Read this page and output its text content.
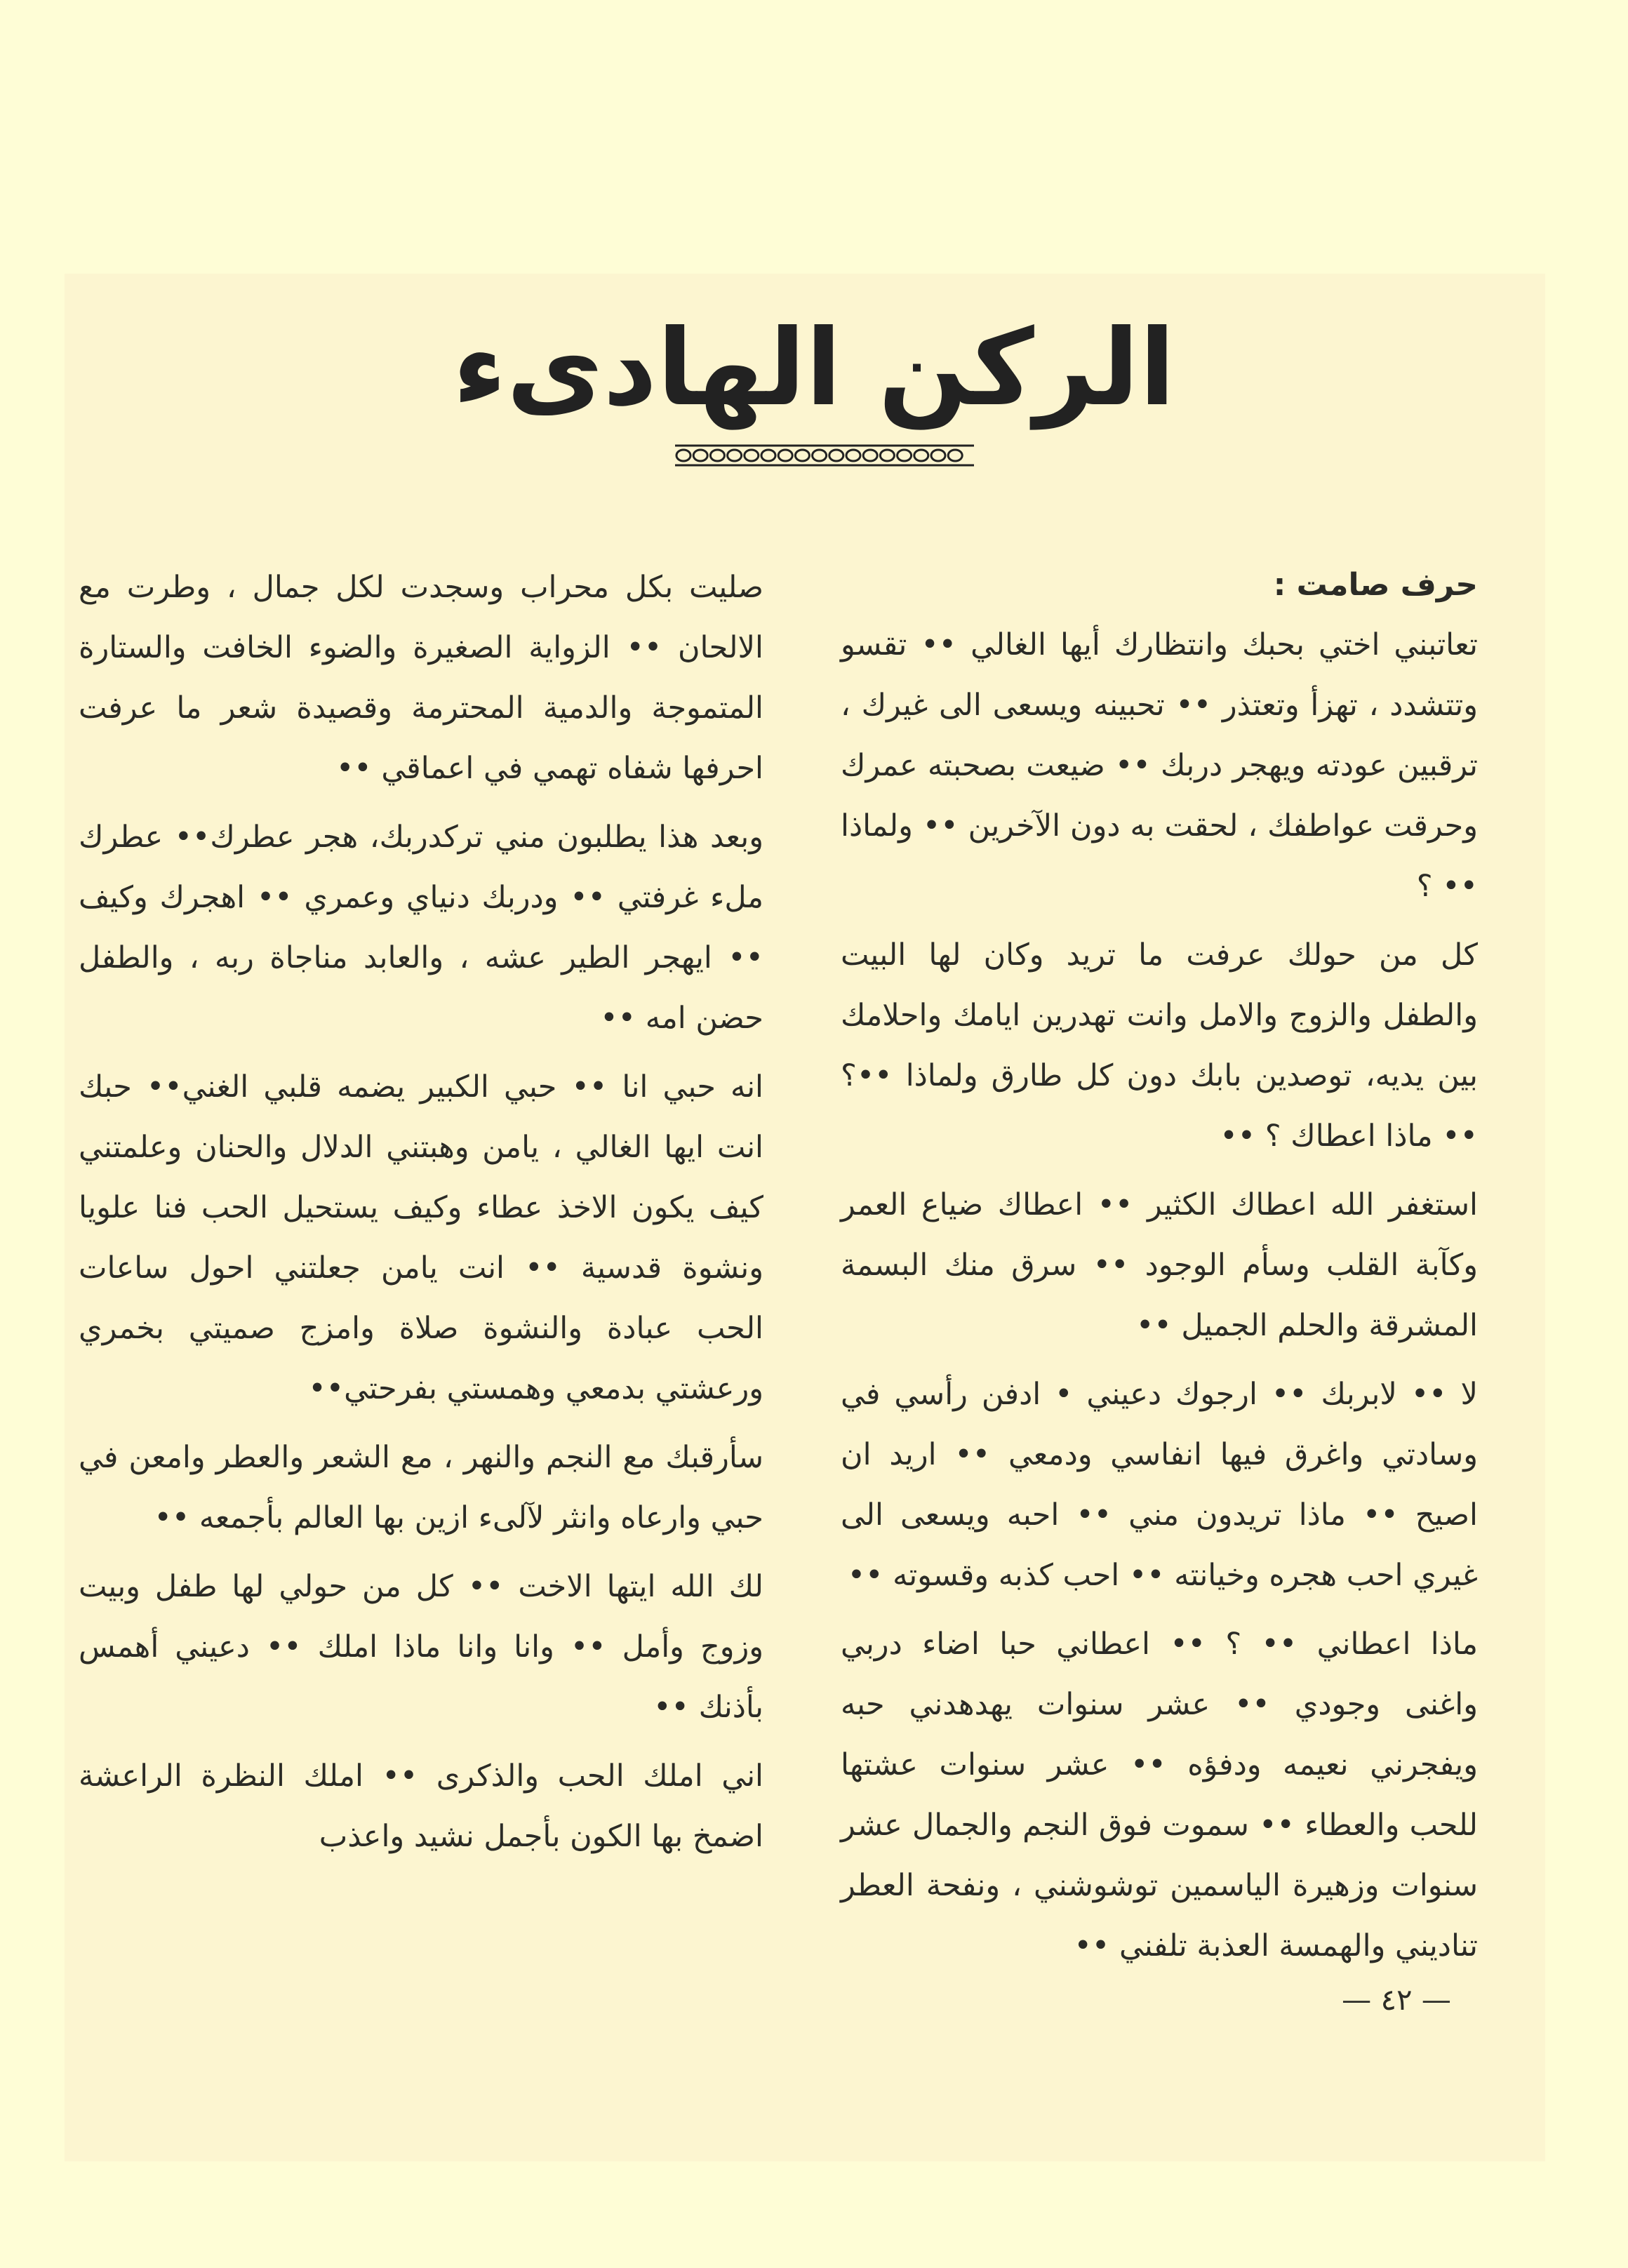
الركن الهادىء
حرف صامت :

تعاتبني اختي بحبك وانتظارك أيها الغالي •• تقسو وتتشدد ، تهزأ وتعتذر •• تحبينه ويسعى الى غيرك ، ترقبين عودته ويهجر دربك •• ضيعت بصحبته عمرك وحرقت عواطفك ، لحقت به دون الآخرين •• ولماذا •• ؟

كل من حولك عرفت ما تريد وكان لها البيت والطفل والزوج والامل وانت تهدرين ايامك واحلامك بين يديه، توصدين بابك دون كل طارق ولماذا ••؟•• ماذا اعطاك ؟ ••

استغفر الله اعطاك الكثير •• اعطاك ضياع العمر وكآبة القلب وسأم الوجود •• سرق منك البسمة المشرقة والحلم الجميل ••

لا •• لابربك •• ارجوك دعيني • ادفن رأسي في وسادتي واغرق فيها انفاسي ودمعي •• اريد ان اصيح •• ماذا تريدون مني •• احبه ويسعى الى غيري احب هجره وخيانته •• احب كذبه وقسوته ••

ماذا اعطاني •• ؟ •• اعطاني حبا اضاء دربي واغنى وجودي •• عشر سنوات يهدهدني حبه ويفجرني نعيمه ودفؤه •• عشر سنوات عشتها للحب والعطاء •• سموت فوق النجم والجمال عشر سنوات وزهيرة الياسمين توشوشني ، ونفحة العطر تناديني والهمسة العذبة تلفني ••

صليت بكل محراب وسجدت لكل جمال ، وطرت مع الالحان •• الزواية الصغيرة والضوء الخافت والستارة المتموجة والدمية المحترمة وقصيدة شعر ما عرفت احرفها شفاه تهمي في اعماقي ••

وبعد هذا يطلبون مني تركدربك، هجر عطرك•• عطرك ملء غرفتي •• ودربك دنياي وعمري •• اهجرك وكيف •• ايهجر الطير عشه ، والعابد مناجاة ربه ، والطفل حضن امه ••

انه حبي انا •• حبي الكبير يضمه قلبي الغني•• حبك انت ايها الغالي ، يامن وهبتني الدلال والحنان وعلمتني كيف يكون الاخذ عطاء وكيف يستحيل الحب فنا علويا ونشوة قدسية •• انت يامن جعلتني احول ساعات الحب عبادة والنشوة صلاة وامزج صميتي بخمري ورعشتي بدمعي وهمستي بفرحتي••

سأرقبك مع النجم والنهر ، مع الشعر والعطر وامعن في حبي وارعاه وانثر لآلىء ازين بها العالم بأجمعه ••

لك الله ايتها الاخت •• كل من حولي لها طفل وبيت وزوج وأمل •• وانا وانا ماذا املك •• دعيني أهمس بأذنك ••

اني املك الحب والذكرى •• املك النظرة الراعشة اضمخ بها الكون بأجمل نشيد واعذب

— ٤٢ —
